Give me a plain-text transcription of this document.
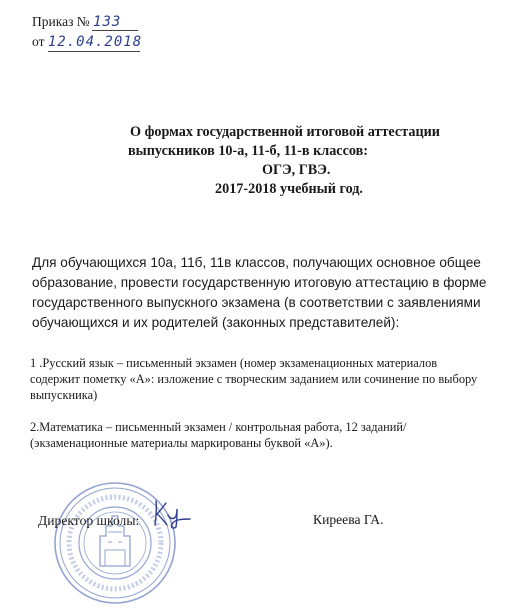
Приказ № 133
от 12.04.2018
О формах государственной итоговой аттестации
выпускников 10-а, 11-б, 11-в классов:
ОГЭ, ГВЭ.
2017-2018 учебный год.
Для обучающихся 10а, 11б, 11в классов, получающих основное общее
образование, провести государственную итоговую аттестацию в форме
государственного выпускного экзамена (в соответствии с заявлениями
обучающихся и их родителей (законных представителей):
1 .Русский язык – письменный экзамен (номер экзаменационных материалов
содержит пометку «А»: изложение с творческим заданием или сочинение по выбору
выпускника)
2.Математика – письменный экзамен / контрольная работа, 12 заданий/
(экзаменационные материалы маркированы буквой «А»).
Директор школы:	Киреева ГА.
